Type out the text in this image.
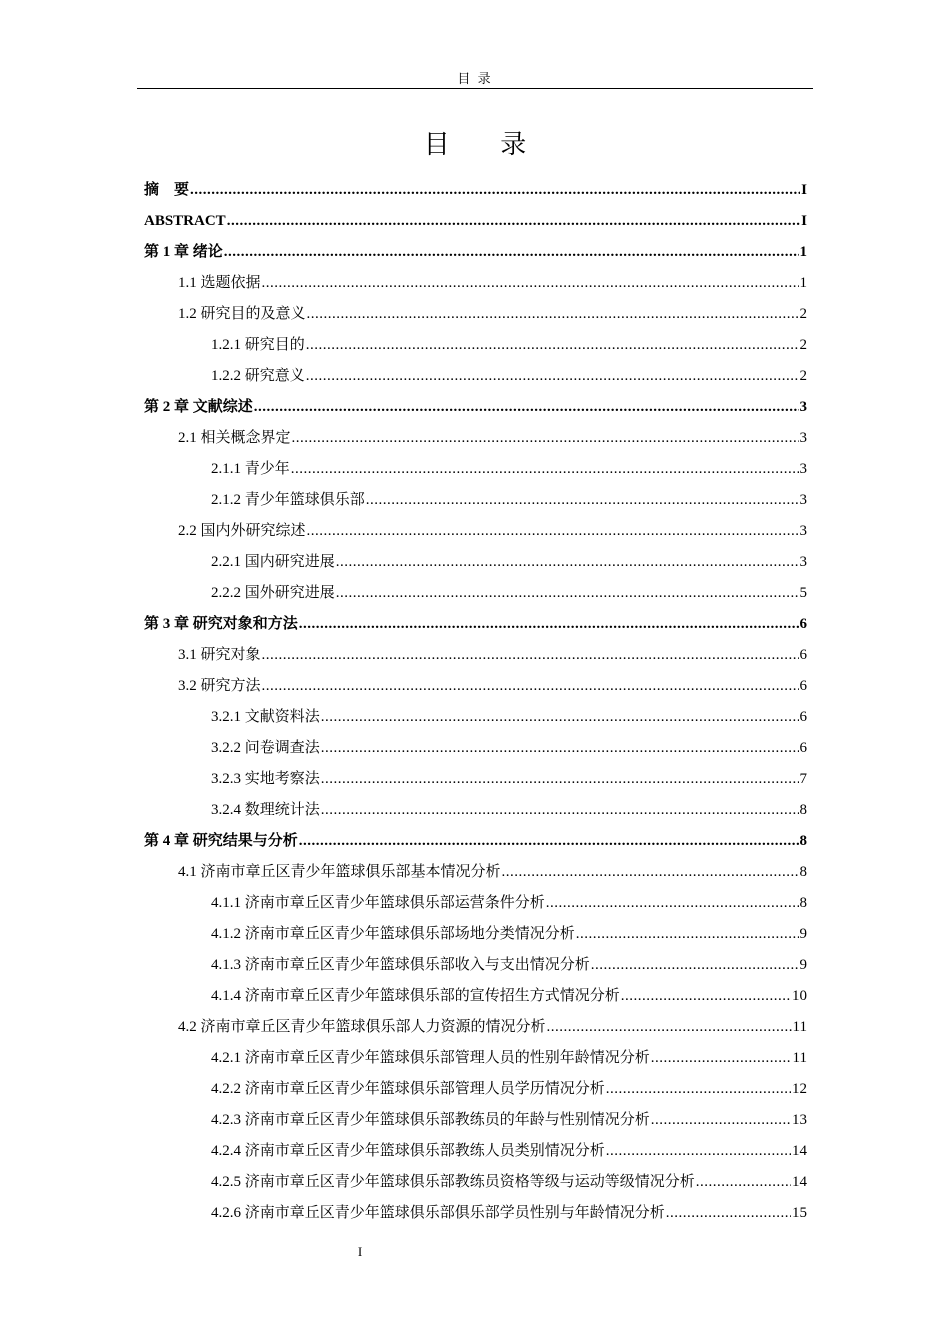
目 录
目 录
摘　要 .....	I
ABSTRACT .....	I
第 1 章 绪论 .....	1
1.1 选题依据 .....	1
1.2 研究目的及意义 .....	2
1.2.1 研究目的 .....	2
1.2.2 研究意义 .....	2
第 2 章 文献综述 .....	3
2.1 相关概念界定 .....	3
2.1.1 青少年 .....	3
2.1.2 青少年篮球俱乐部 .....	3
2.2 国内外研究综述 .....	3
2.2.1 国内研究进展 .....	3
2.2.2 国外研究进展 .....	5
第 3 章 研究对象和方法 .....	6
3.1 研究对象 .....	6
3.2 研究方法 .....	6
3.2.1 文献资料法 .....	6
3.2.2 问卷调查法 .....	6
3.2.3 实地考察法 .....	7
3.2.4 数理统计法 .....	8
第 4 章 研究结果与分析 .....	8
4.1 济南市章丘区青少年篮球俱乐部基本情况分析 .....	8
4.1.1 济南市章丘区青少年篮球俱乐部运营条件分析 .....	8
4.1.2 济南市章丘区青少年篮球俱乐部场地分类情况分析 .....	9
4.1.3 济南市章丘区青少年篮球俱乐部收入与支出情况分析 .....	9
4.1.4 济南市章丘区青少年篮球俱乐部的宣传招生方式情况分析 .....	10
4.2 济南市章丘区青少年篮球俱乐部人力资源的情况分析 .....	11
4.2.1 济南市章丘区青少年篮球俱乐部管理人员的性别年龄情况分析 .....	11
4.2.2 济南市章丘区青少年篮球俱乐部管理人员学历情况分析 .....	12
4.2.3 济南市章丘区青少年篮球俱乐部教练员的年龄与性别情况分析 .....	13
4.2.4 济南市章丘区青少年篮球俱乐部教练人员类别情况分析 .....	14
4.2.5 济南市章丘区青少年篮球俱乐部教练员资格等级与运动等级情况分析 .....	14
4.2.6 济南市章丘区青少年篮球俱乐部俱乐部学员性别与年龄情况分析 .....	15
I
